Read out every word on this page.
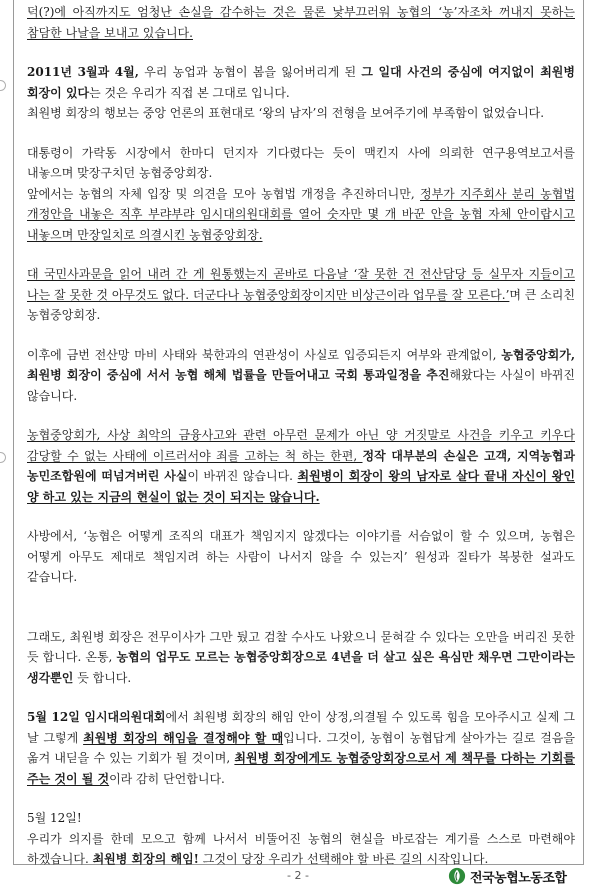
덕(?)에 아직까지도 엄청난 손실을 감수하는 것은 물론 낯부끄러워 농협의 ‘농’자조차 꺼내지 못하는 참담한 나날을 보내고 있습니다.

2011년 3월과 4월, 우리 농업과 농협이 봄을 잃어버리게 된 그 일대 사건의 중심에 여지없이 최원병 회장이 있다는 것은 우리가 직접 본 그대로 입니다.

최원병 회장의 행보는 중앙 언론의 표현대로 ‘왕의 남자’의 전형을 보여주기에 부족함이 없었습니다.

대통령이 가락동 시장에서 한마디 던지자 기다렸다는 듯이 맥킨지 사에 의뢰한 연구용역보고서를 내놓으며 맞장구치던 농협중앙회장.

앞에서는 농협의 자체 입장 및 의견을 모아 농협법 개정을 추진하더니만, 정부가 지주회사 분리 농협법 개정안을 내놓은 직후 부랴부랴 임시대의원대회를 열어 숫자만 몇 개 바꾼 안을 농협 자체 안이랍시고 내놓으며 만장일치로 의결시킨 농협중앙회장.

대 국민사과문을 읽어 내려 간 게 원통했는지 곧바로 다음날 ‘잘 못한 건 전산담당 등 실무자 지들이고 나는 잘 못한 것 아무것도 없다. 더군다나 농협중앙회장이지만 비상근이라 업무를 잘 모른다.’며 큰 소리친 농협중앙회장.

이후에 금번 전산망 마비 사태와 북한과의 연관성이 사실로 입증되든지 여부와 관계없이, 농협중앙회가, 최원병 회장이 중심에 서서 농협 해체 법률을 만들어내고 국회 통과일정을 추진해왔다는 사실이 바뀌진 않습니다.

농협중앙회가, 사상 최악의 금융사고와 관련 아무런 문제가 아닌 양 거짓말로 사건을 키우고 키우다 감당할 수 없는 사태에 이르러서야 죄를 고하는 척 하는 한편, 정작 대부분의 손실은 고객, 지역농협과 농민조합원에 떠넘겨버린 사실이 바뀌진 않습니다. 최원병이 회장이 왕의 남자로 살다 끝내 자신이 왕인 양 하고 있는 지금의 현실이 없는 것이 되지는 않습니다.

사방에서, ‘농협은 어떻게 조직의 대표가 책임지지 않겠다는 이야기를 서슴없이 할 수 있으며, 농협은 어떻게 아무도 제대로 책임지려 하는 사람이 나서지 않을 수 있는지’ 원성과 질타가 복붕한 설과도 같습니다.

그래도, 최원병 회장은 전무이사가 그만 뒀고 검찰 수사도 나왔으니 묻혀갈 수 있다는 오만을 버리진 못한 듯 합니다. 온통, 농협의 업무도 모르는 농협중앙회장으로 4년을 더 살고 싶은 욕심만 채우면 그만이라는 생각뿐인 듯 합니다.

5월 12일 임시대의원대회에서 최원병 회장의 해임 안이 상정,의결될 수 있도록 힘을 모아주시고 실제 그 날 그렇게 최원병 회장의 해임을 결정해야 할 때입니다. 그것이, 농협이 농협답게 살아가는 길로 걸음을 옮겨 내딛을 수 있는 기회가 될 것이며, 최원병 회장에게도 농협중앙회장으로서 제 책무를 다하는 기회를 주는 것이 될 것이라 감히 단언합니다.

5월 12일!

우리가 의지를 한데 모으고 함께 나서서 비뚤어진 농협의 현실을 바로잡는 계기를 스스로 마련해야 하겠습니다. 최원병 회장의 해임! 그것이 당장 우리가 선택해야 할 바른 길의 시작입니다.

- 2 -	전국농협노동조합
